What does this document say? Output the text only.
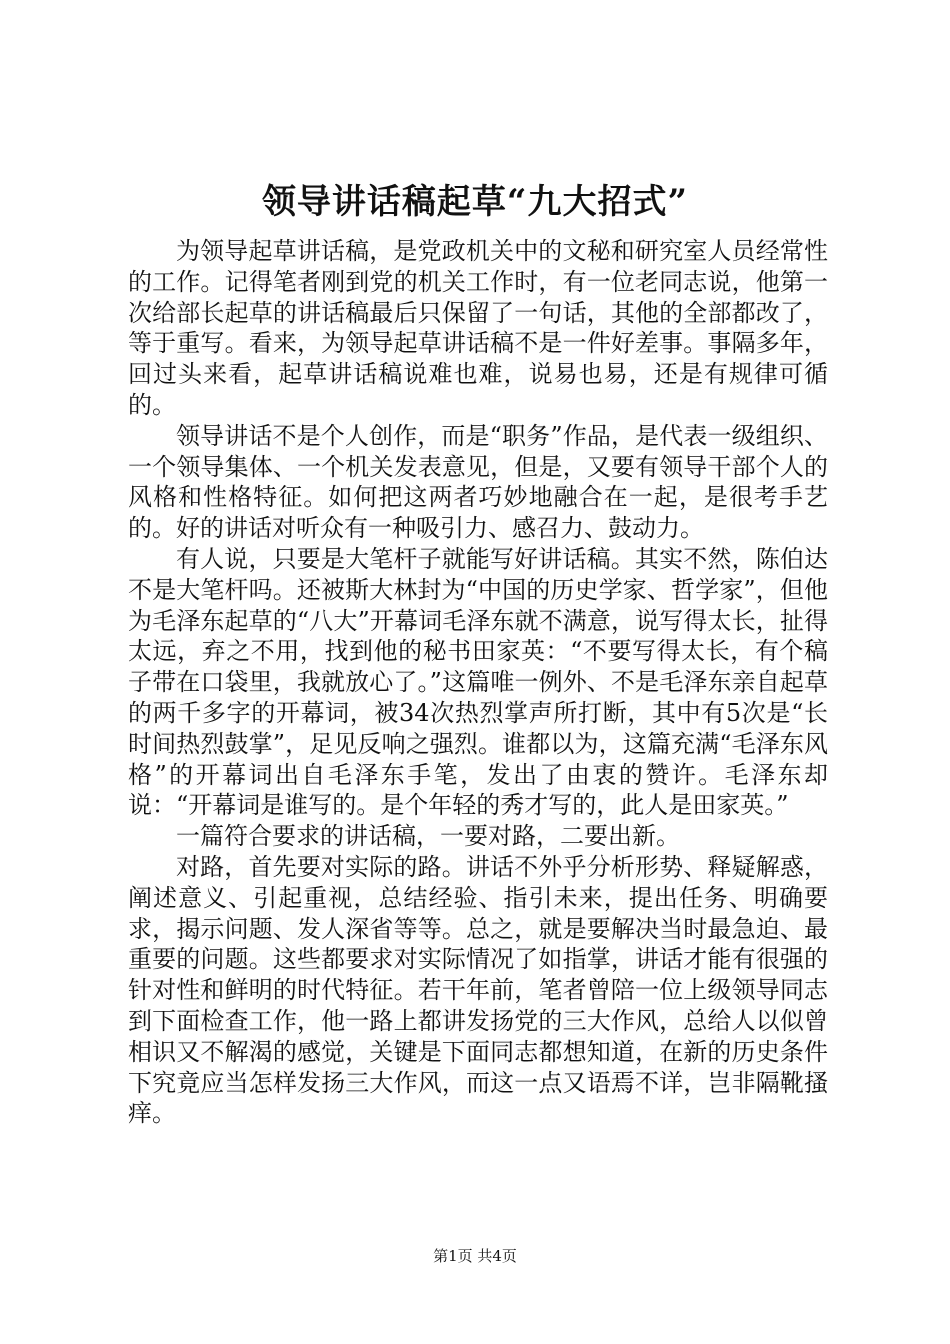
领导讲话稿起草“九大招式”

为领导起草讲话稿，是党政机关中的文秘和研究室人员经常性的工作。记得笔者刚到党的机关工作时，有一位老同志说，他第一次给部长起草的讲话稿最后只保留了一句话，其他的全部都改了，等于重写。看来，为领导起草讲话稿不是一件好差事。事隔多年，回过头来看，起草讲话稿说难也难，说易也易，还是有规律可循的。

领导讲话不是个人创作，而是“职务”作品，是代表一级组织、一个领导集体、一个机关发表意见，但是，又要有领导干部个人的风格和性格特征。如何把这两者巧妙地融合在一起，是很考手艺的。好的讲话对听众有一种吸引力、感召力、鼓动力。

有人说，只要是大笔杆子就能写好讲话稿。其实不然，陈伯达不是大笔杆吗。还被斯大林封为“中国的历史学家、哲学家”，但他为毛泽东起草的“八大”开幕词毛泽东就不满意，说写得太长，扯得太远，弃之不用，找到他的秘书田家英：“不要写得太长，有个稿子带在口袋里，我就放心了。”这篇唯一例外、不是毛泽东亲自起草的两千多字的开幕词，被34次热烈掌声所打断，其中有5次是“长时间热烈鼓掌”，足见反响之强烈。谁都以为，这篇充满“毛泽东风格”的开幕词出自毛泽东手笔，发出了由衷的赞许。毛泽东却说：“开幕词是谁写的。是个年轻的秀才写的，此人是田家英。”

一篇符合要求的讲话稿，一要对路，二要出新。

对路，首先要对实际的路。讲话不外乎分析形势、释疑解惑，阐述意义、引起重视，总结经验、指引未来，提出任务、明确要求，揭示问题、发人深省等等。总之，就是要解决当时最急迫、最重要的问题。这些都要求对实际情况了如指掌，讲话才能有很强的针对性和鲜明的时代特征。若干年前，笔者曾陪一位上级领导同志到下面检查工作，他一路上都讲发扬党的三大作风，总给人以似曾相识又不解渴的感觉，关键是下面同志都想知道，在新的历史条件下究竟应当怎样发扬三大作风，而这一点又语焉不详，岂非隔靴搔痒。

第1页 共4页
